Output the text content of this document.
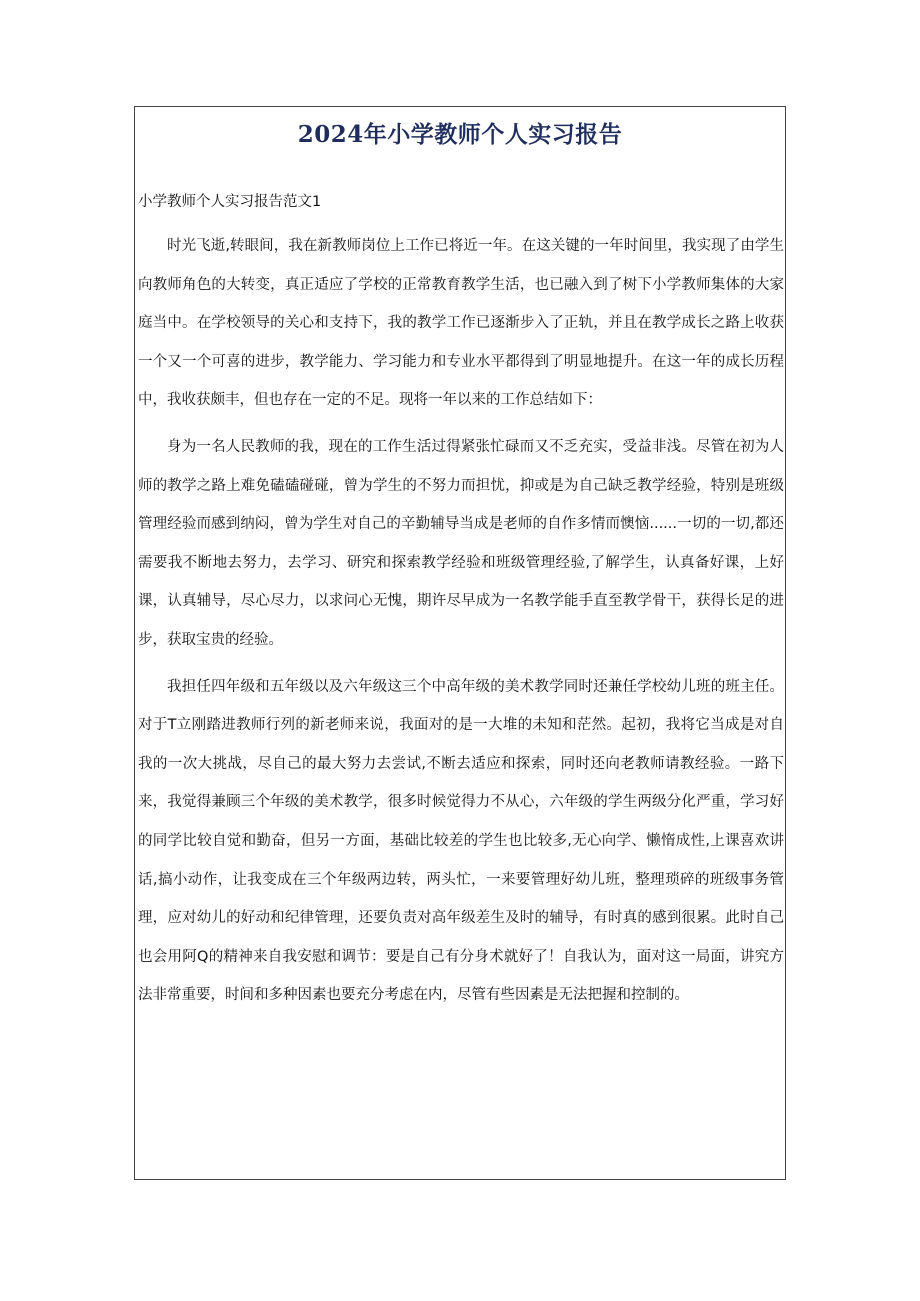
2024年小学教师个人实习报告
小学教师个人实习报告范文1

时光飞逝,转眼间，我在新教师岗位上工作已将近一年。在这关键的一年时间里，我实现了由学生向教师角色的大转变，真正适应了学校的正常教育教学生活，也已融入到了树下小学教师集体的大家庭当中。在学校领导的关心和支持下，我的教学工作已逐渐步入了正轨，并且在教学成长之路上收获一个又一个可喜的进步，教学能力、学习能力和专业水平都得到了明显地提升。在这一年的成长历程中，我收获颇丰，但也存在一定的不足。现将一年以来的工作总结如下：

身为一名人民教师的我，现在的工作生活过得紧张忙碌而又不乏充实，受益非浅。尽管在初为人师的教学之路上难免磕磕碰碰，曾为学生的不努力而担忧，抑或是为自己缺乏教学经验，特别是班级管理经验而感到纳闷，曾为学生对自己的辛勤辅导当成是老师的自作多情而懊恼......一切的一切,都还需要我不断地去努力，去学习、研究和探索教学经验和班级管理经验,了解学生，认真备好课，上好课，认真辅导，尽心尽力，以求问心无愧，期许尽早成为一名教学能手直至教学骨干，获得长足的进步，获取宝贵的经验。

我担任四年级和五年级以及六年级这三个中高年级的美术教学同时还兼任学校幼儿班的班主任。对于T立刚踏进教师行列的新老师来说，我面对的是一大堆的未知和茫然。起初，我将它当成是对自我的一次大挑战，尽自己的最大努力去尝试,不断去适应和探索，同时还向老教师请教经验。一路下来，我觉得兼顾三个年级的美术教学，很多时候觉得力不从心，六年级的学生两级分化严重，学习好的同学比较自觉和勤奋，但另一方面，基础比较差的学生也比较多,无心向学、懒惰成性,上课喜欢讲话,搞小动作，让我变成在三个年级两边转，两头忙，一来要管理好幼儿班，整理琐碎的班级事务管理，应对幼儿的好动和纪律管理，还要负责对高年级差生及时的辅导，有时真的感到很累。此时自己也会用阿Q的精神来自我安慰和调节：要是自己有分身术就好了！自我认为，面对这一局面，讲究方法非常重要，时间和多种因素也要充分考虑在内，尽管有些因素是无法把握和控制的。
